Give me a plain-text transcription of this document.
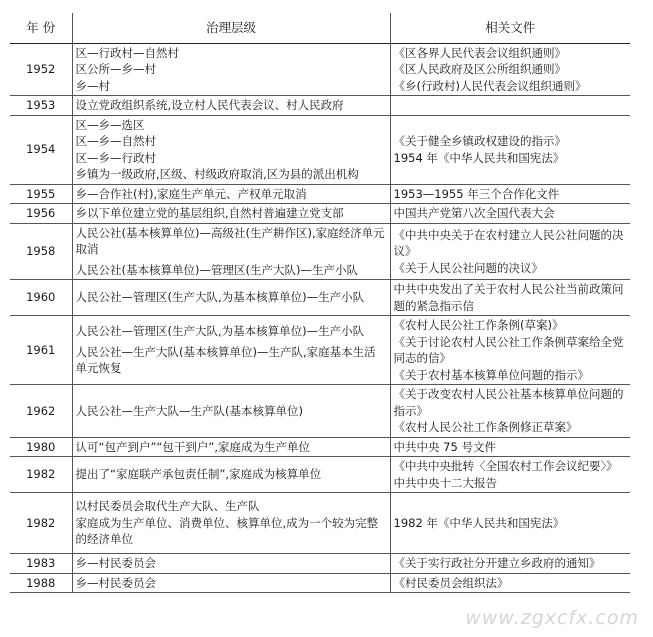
年 份	治理层级	相关文件
1952	区—行政村—自然村
区公所—乡—村
乡—村	《区各界人民代表会议组织通则》
《区人民政府及区公所组织通则》
《乡(行政村)人民代表会议组织通则》

1953	设立党政组织系统,设立村人民代表会议、村人民政府	

1954	区—乡—选区
区—乡—自然村
区—乡—行政村
乡镇为一级政府,区级、村级政府取消,区为县的派出机构	《关于健全乡镇政权建设的指示》
1954 年《中华人民共和国宪法》

1955	乡—合作社(村),家庭生产单元、产权单元取消	1953—1955 年三个合作化文件

1956	乡以下单位建立党的基层组织,自然村普遍建立党支部	中国共产党第八次全国代表大会

1958	人民公社(基本核算单位)—高级社(生产耕作区),家庭经济单元取消
人民公社(基本核算单位)—管理区(生产大队)—生产小队	《中共中央关于在农村建立人民公社问题的决议》
《关于人民公社问题的决议》

1960	人民公社—管理区(生产大队,为基本核算单位)—生产小队	中共中央发出了关于农村人民公社当前政策问题的紧急指示信

1961	人民公社—管理区(生产大队,为基本核算单位)—生产小队
人民公社—生产大队(基本核算单位)—生产队,家庭基本生活单元恢复	《农村人民公社工作条例(草案)》
《关于讨论农村人民公社工作条例草案给全党同志的信》
《关于农村基本核算单位问题的指示》

1962	人民公社—生产大队—生产队(基本核算单位)	《关于改变农村人民公社基本核算单位问题的指示》
《农村人民公社工作条例修正草案》

1980	认可“包产到户”“包干到户”,家庭成为生产单位	中共中央 75 号文件

1982	提出了“家庭联产承包责任制”,家庭成为核算单位	《中共中央批转〈全国农村工作会议纪要〉》
中共中央十二大报告

1982	以村民委员会取代生产大队、生产队
家庭成为生产单位、消费单位、核算单位,成为一个较为完整的经济单位	1982 年《中华人民共和国宪法》

1983	乡—村民委员会	《关于实行政社分开建立乡政府的通知》

1988	乡—村民委员会	《村民委员会组织法》
www.zgxcfx.com
